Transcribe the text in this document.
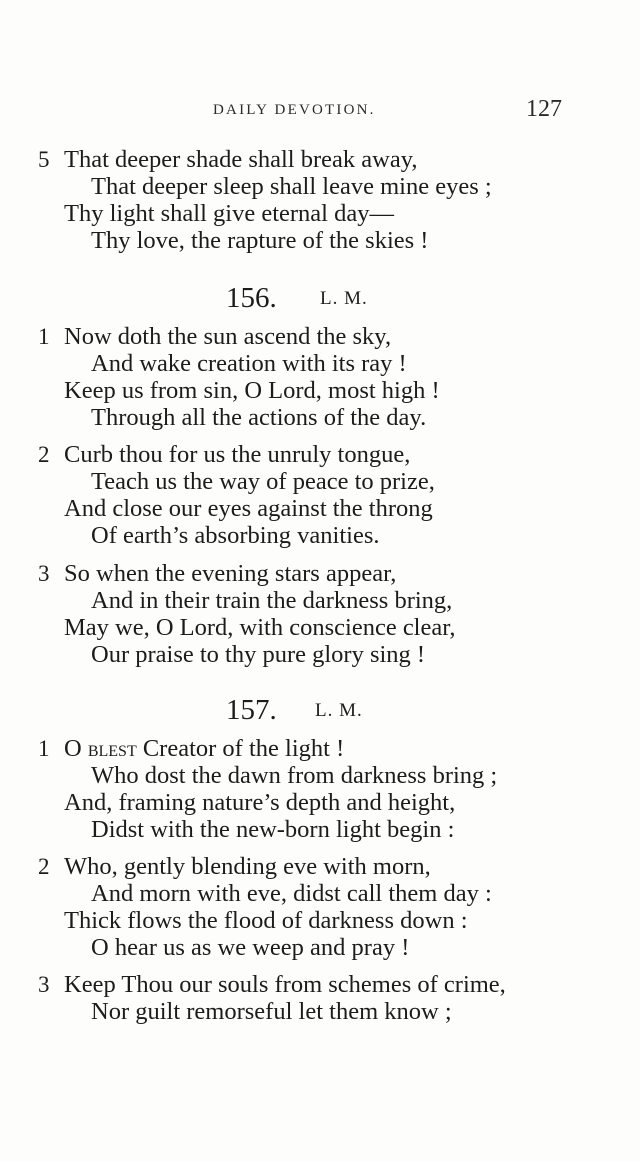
DAILY DEVOTION.	127
5 That deeper shade shall break away,
That deeper sleep shall leave mine eyes ;
Thy light shall give eternal day—
Thy love, the rapture of the skies !
156. L. M.
1 Now doth the sun ascend the sky,
And wake creation with its ray !
Keep us from sin, O Lord, most high !
Through all the actions of the day.
2 Curb thou for us the unruly tongue,
Teach us the way of peace to prize,
And close our eyes against the throng
Of earth’s absorbing vanities.
3 So when the evening stars appear,
And in their train the darkness bring,
May we, O Lord, with conscience clear,
Our praise to thy pure glory sing !
157. L. M.
1 O blest Creator of the light !
Who dost the dawn from darkness bring ;
And, framing nature’s depth and height,
Didst with the new-born light begin :
2 Who, gently blending eve with morn,
And morn with eve, didst call them day :
Thick flows the flood of darkness down :
O hear us as we weep and pray !
3 Keep Thou our souls from schemes of crime,
Nor guilt remorseful let them know ;
